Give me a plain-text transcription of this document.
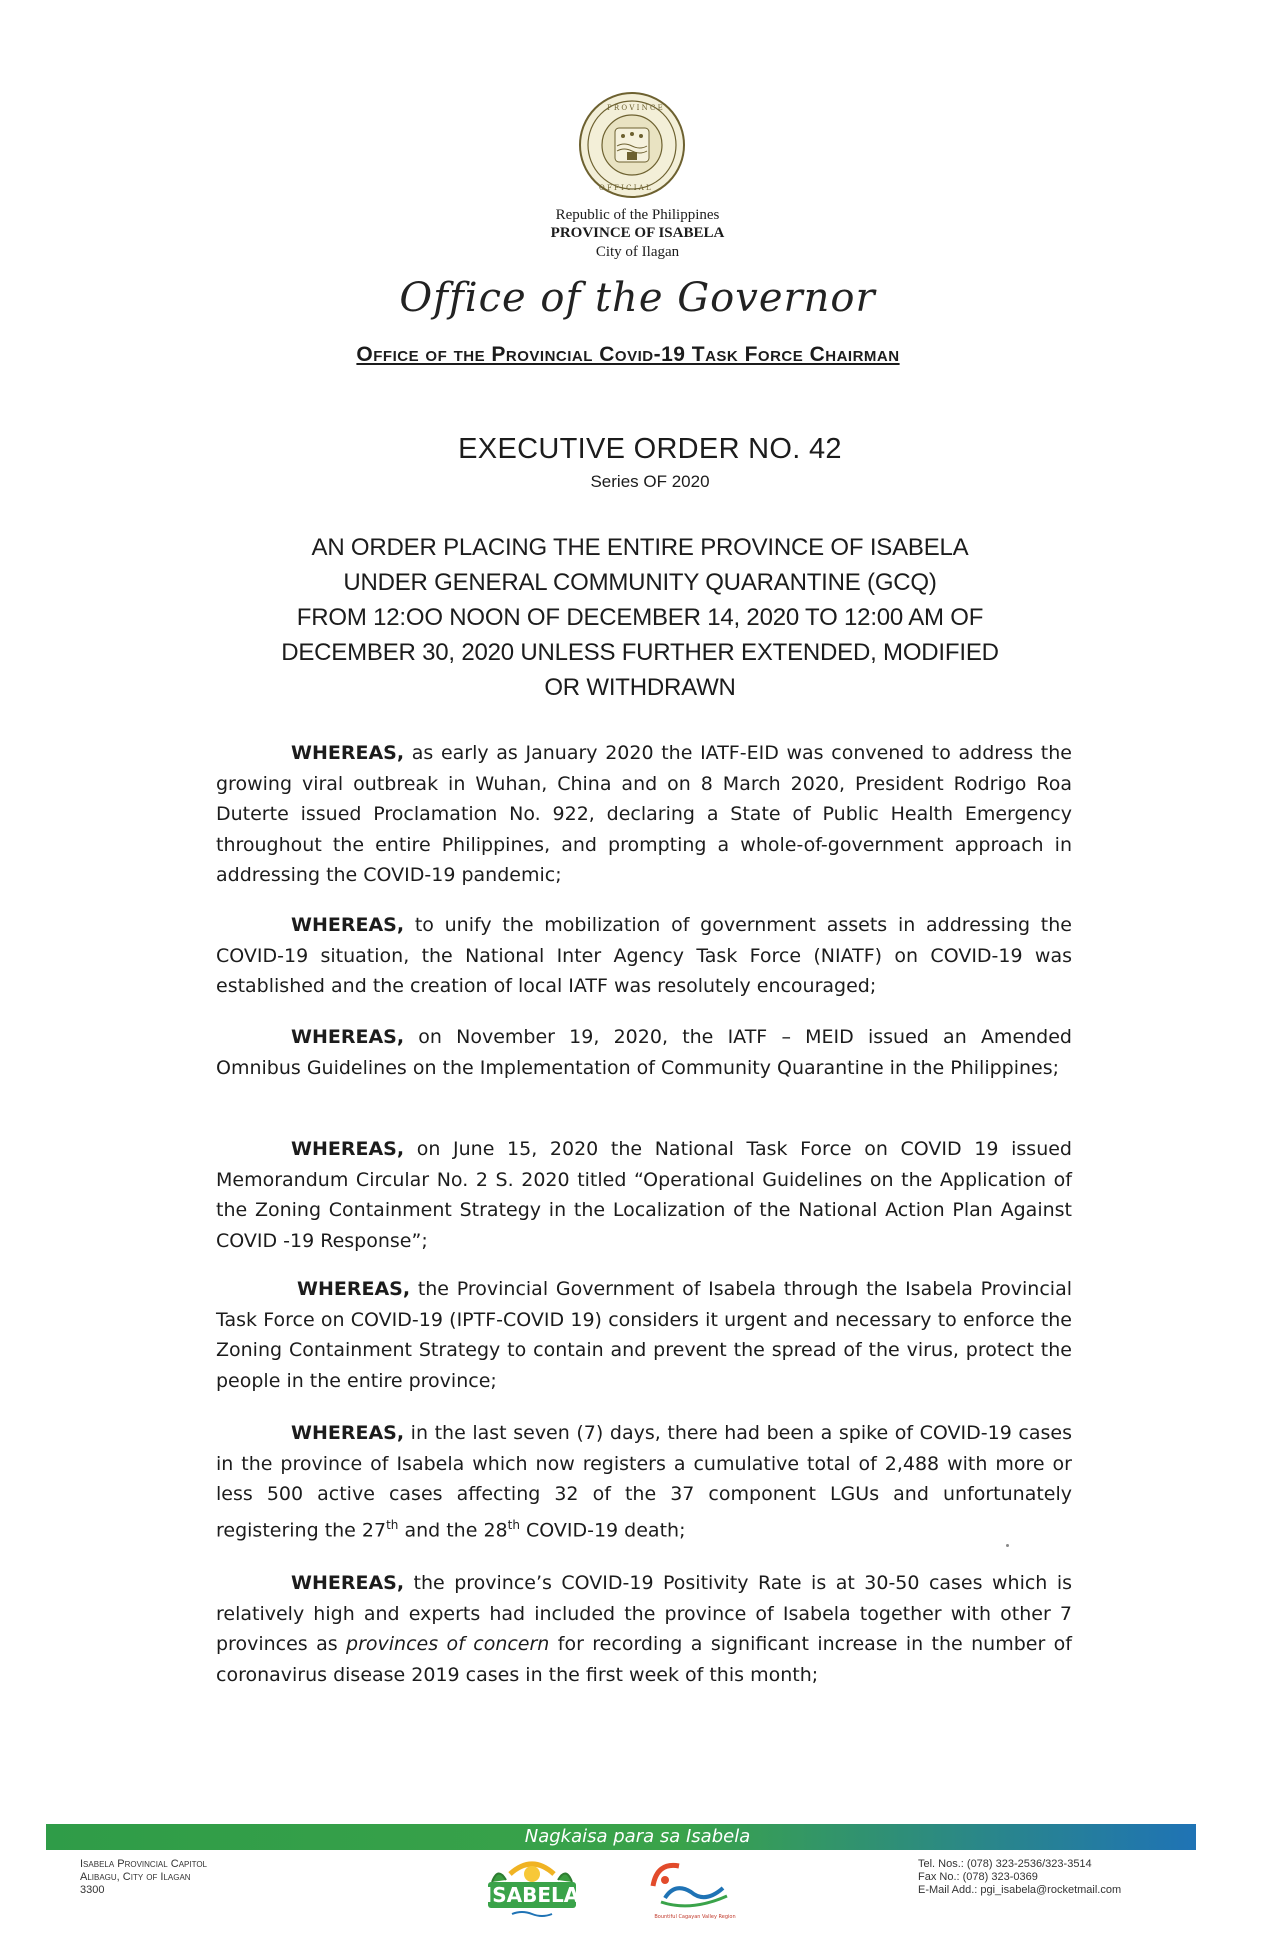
P R O V I N C E
O F F I C I A L
Republic of the Philippines
PROVINCE OF ISABELA
City of Ilagan
Office of the Governor
Office of the Provincial Covid-19 Task Force Chairman
EXECUTIVE ORDER NO. 42
Series OF 2020
AN ORDER PLACING THE ENTIRE PROVINCE OF ISABELA
UNDER GENERAL COMMUNITY QUARANTINE (GCQ)
FROM 12:OO NOON OF DECEMBER 14, 2020 TO 12:00 AM OF
DECEMBER 30, 2020 UNLESS FURTHER EXTENDED, MODIFIED
OR WITHDRAWN
WHEREAS, as early as January 2020 the IATF-EID was convened to address the growing viral outbreak in Wuhan, China and on 8 March 2020, President Rodrigo Roa Duterte issued Proclamation No. 922, declaring a State of Public Health Emergency throughout the entire Philippines, and prompting a whole-of-government approach in addressing the COVID-19 pandemic;
WHEREAS, to unify the mobilization of government assets in addressing the COVID-19 situation, the National Inter Agency Task Force (NIATF) on COVID-19 was established and the creation of local IATF was resolutely encouraged;
WHEREAS, on November 19, 2020, the IATF – MEID issued an Amended Omnibus Guidelines on the Implementation of Community Quarantine in the Philippines;
WHEREAS, on June 15, 2020 the National Task Force on COVID 19 issued Memorandum Circular No. 2 S. 2020 titled “Operational Guidelines on the Application of the Zoning Containment Strategy in the Localization of the National Action Plan Against COVID -19 Response”;
WHEREAS, the Provincial Government of Isabela through the Isabela Provincial Task Force on COVID-19 (IPTF-COVID 19) considers it urgent and necessary to enforce the Zoning Containment Strategy to contain and prevent the spread of the virus, protect the people in the entire province;
WHEREAS, in the last seven (7) days, there had been a spike of COVID-19 cases in the province of Isabela which now registers a cumulative total of 2,488 with more or less 500 active cases affecting 32 of the 37 component LGUs and unfortunately registering the 27th and the 28th COVID-19 death;
WHEREAS, the province’s COVID-19 Positivity Rate is at 30-50 cases which is relatively high and experts had included the province of Isabela together with other 7 provinces as provinces of concern for recording a significant increase in the number of coronavirus disease 2019 cases in the first week of this month;
Nagkaisa para sa Isabela
Isabela Provincial Capitol
Alibagu, City of Ilagan
3300	ISABELA
Bountiful Cagayan Valley Region
Tel. Nos.: (078) 323-2536/323-3514
Fax No.: (078) 323-0369
E-Mail Add.: pgi_isabela@rocketmail.com
